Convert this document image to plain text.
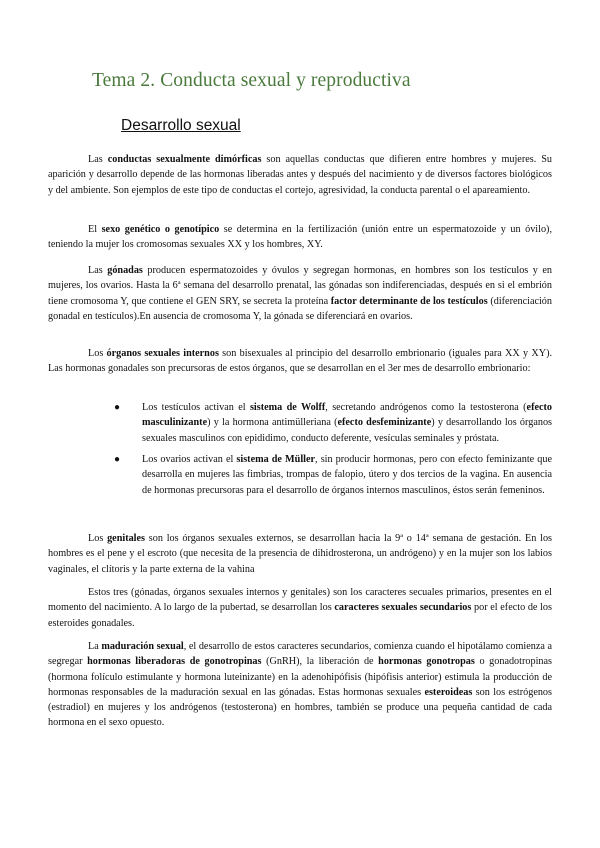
Tema 2. Conducta sexual y reproductiva
Desarrollo sexual

Las conductas sexualmente dimórficas son aquellas conductas que difieren entre hombres y mujeres. Su aparición y desarrollo depende de las hormonas liberadas antes y después del nacimiento y de diversos factores biológicos y del ambiente. Son ejemplos de este tipo de conductas el cortejo, agresividad, la conducta parental o el apareamiento.

El sexo genético o genotípico se determina en la fertilización (unión entre un espermatozoide y un óvilo), teniendo la mujer los cromosomas sexuales XX y los hombres, XY.

Las gónadas producen espermatozoides y óvulos y segregan hormonas, en hombres son los testículos y en mujeres, los ovarios. Hasta la 6ª semana del desarrollo prenatal, las gónadas son indiferenciadas, después en si el embrión tiene cromosoma Y, que contiene el GEN SRY, se secreta la proteína factor determinante de los testículos (diferenciación gonadal en testículos).En ausencia de cromosoma Y, la gónada se diferenciará en ovarios.

Los órganos sexuales internos son bisexuales al principio del desarrollo embrionario (iguales para XX y XY). Las hormonas gonadales son precursoras de estos órganos, que se desarrollan en el 3er mes de desarrollo embrionario:

● Los testículos activan el sistema de Wolff, secretando andrógenos como la testosterona (efecto masculinizante) y la hormona antimülleriana (efecto desfeminizante) y desarrollando los órganos sexuales masculinos con epididimo, conducto deferente, vesículas seminales y próstata.
● Los ovarios activan el sistema de Müller, sin producir hormonas, pero con efecto feminizante que desarrolla en mujeres las fimbrias, trompas de falopio, útero y dos tercios de la vagina. En ausencia de hormonas precursoras para el desarrollo de órganos internos masculinos, éstos serán femeninos.

Los genitales son los órganos sexuales externos, se desarrollan hacia la 9ª o 14ª semana de gestación. En los hombres es el pene y el escroto (que necesita de la presencia de dihidrosterona, un andrógeno) y en la mujer son los labios vaginales, el clítoris y la parte externa de la vahina

Estos tres (gónadas, órganos sexuales internos y genitales) son los caracteres secuales primarios, presentes en el momento del nacimiento. A lo largo de la pubertad, se desarrollan los caracteres sexuales secundarios por el efecto de los esteroides gonadales.

La maduración sexual, el desarrollo de estos caracteres secundarios, comienza cuando el hipotálamo comienza a segregar hormonas liberadoras de gonotropinas (GnRH), la liberación de hormonas gonotropas o gonadotropinas (hormona folículo estimulante y hormona luteinizante) en la adenohipófisis (hipófisis anterior) estimula la producción de hormonas responsables de la maduración sexual en las gónadas. Estas hormonas sexuales esteroideas son los estrógenos (estradiol) en mujeres y los andrógenos (testosterona) en hombres, también se produce una pequeña cantidad de cada hormona en el sexo opuesto.
